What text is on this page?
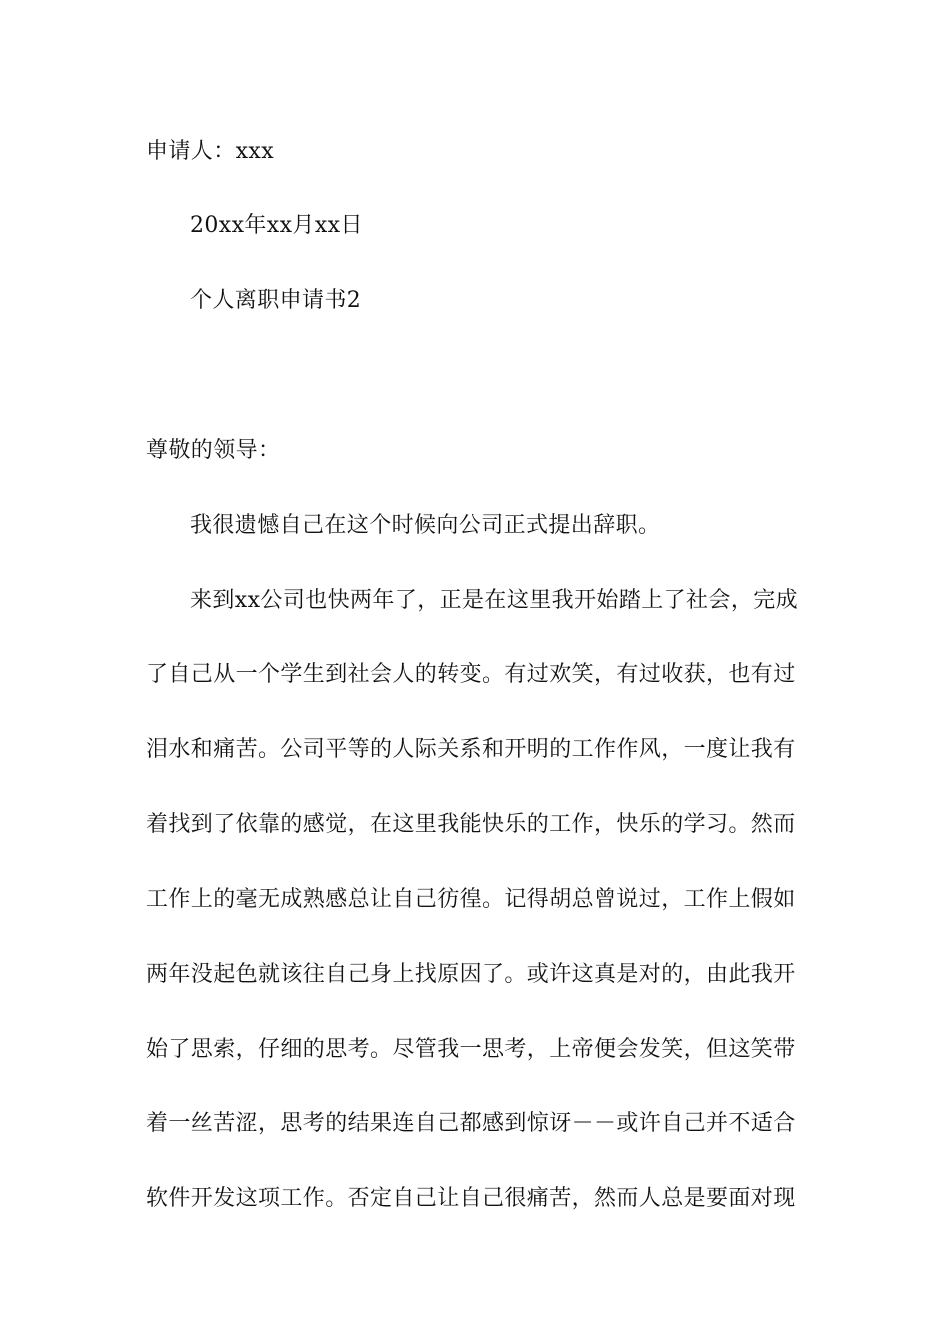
申请人：xxx
20xx年xx月xx日
个人离职申请书2
尊敬的领导：
我很遗憾自己在这个时候向公司正式提出辞职。
来到xx公司也快两年了，正是在这里我开始踏上了社会，完成
了自己从一个学生到社会人的转变。有过欢笑，有过收获，也有过
泪水和痛苦。公司平等的人际关系和开明的工作作风，一度让我有
着找到了依靠的感觉，在这里我能快乐的工作，快乐的学习。然而
工作上的毫无成熟感总让自己彷徨。记得胡总曾说过，工作上假如
两年没起色就该往自己身上找原因了。或许这真是对的，由此我开
始了思索，仔细的思考。尽管我一思考，上帝便会发笑，但这笑带
着一丝苦涩，思考的结果连自己都感到惊讶－－或许自己并不适合
软件开发这项工作。否定自己让自己很痛苦，然而人总是要面对现
